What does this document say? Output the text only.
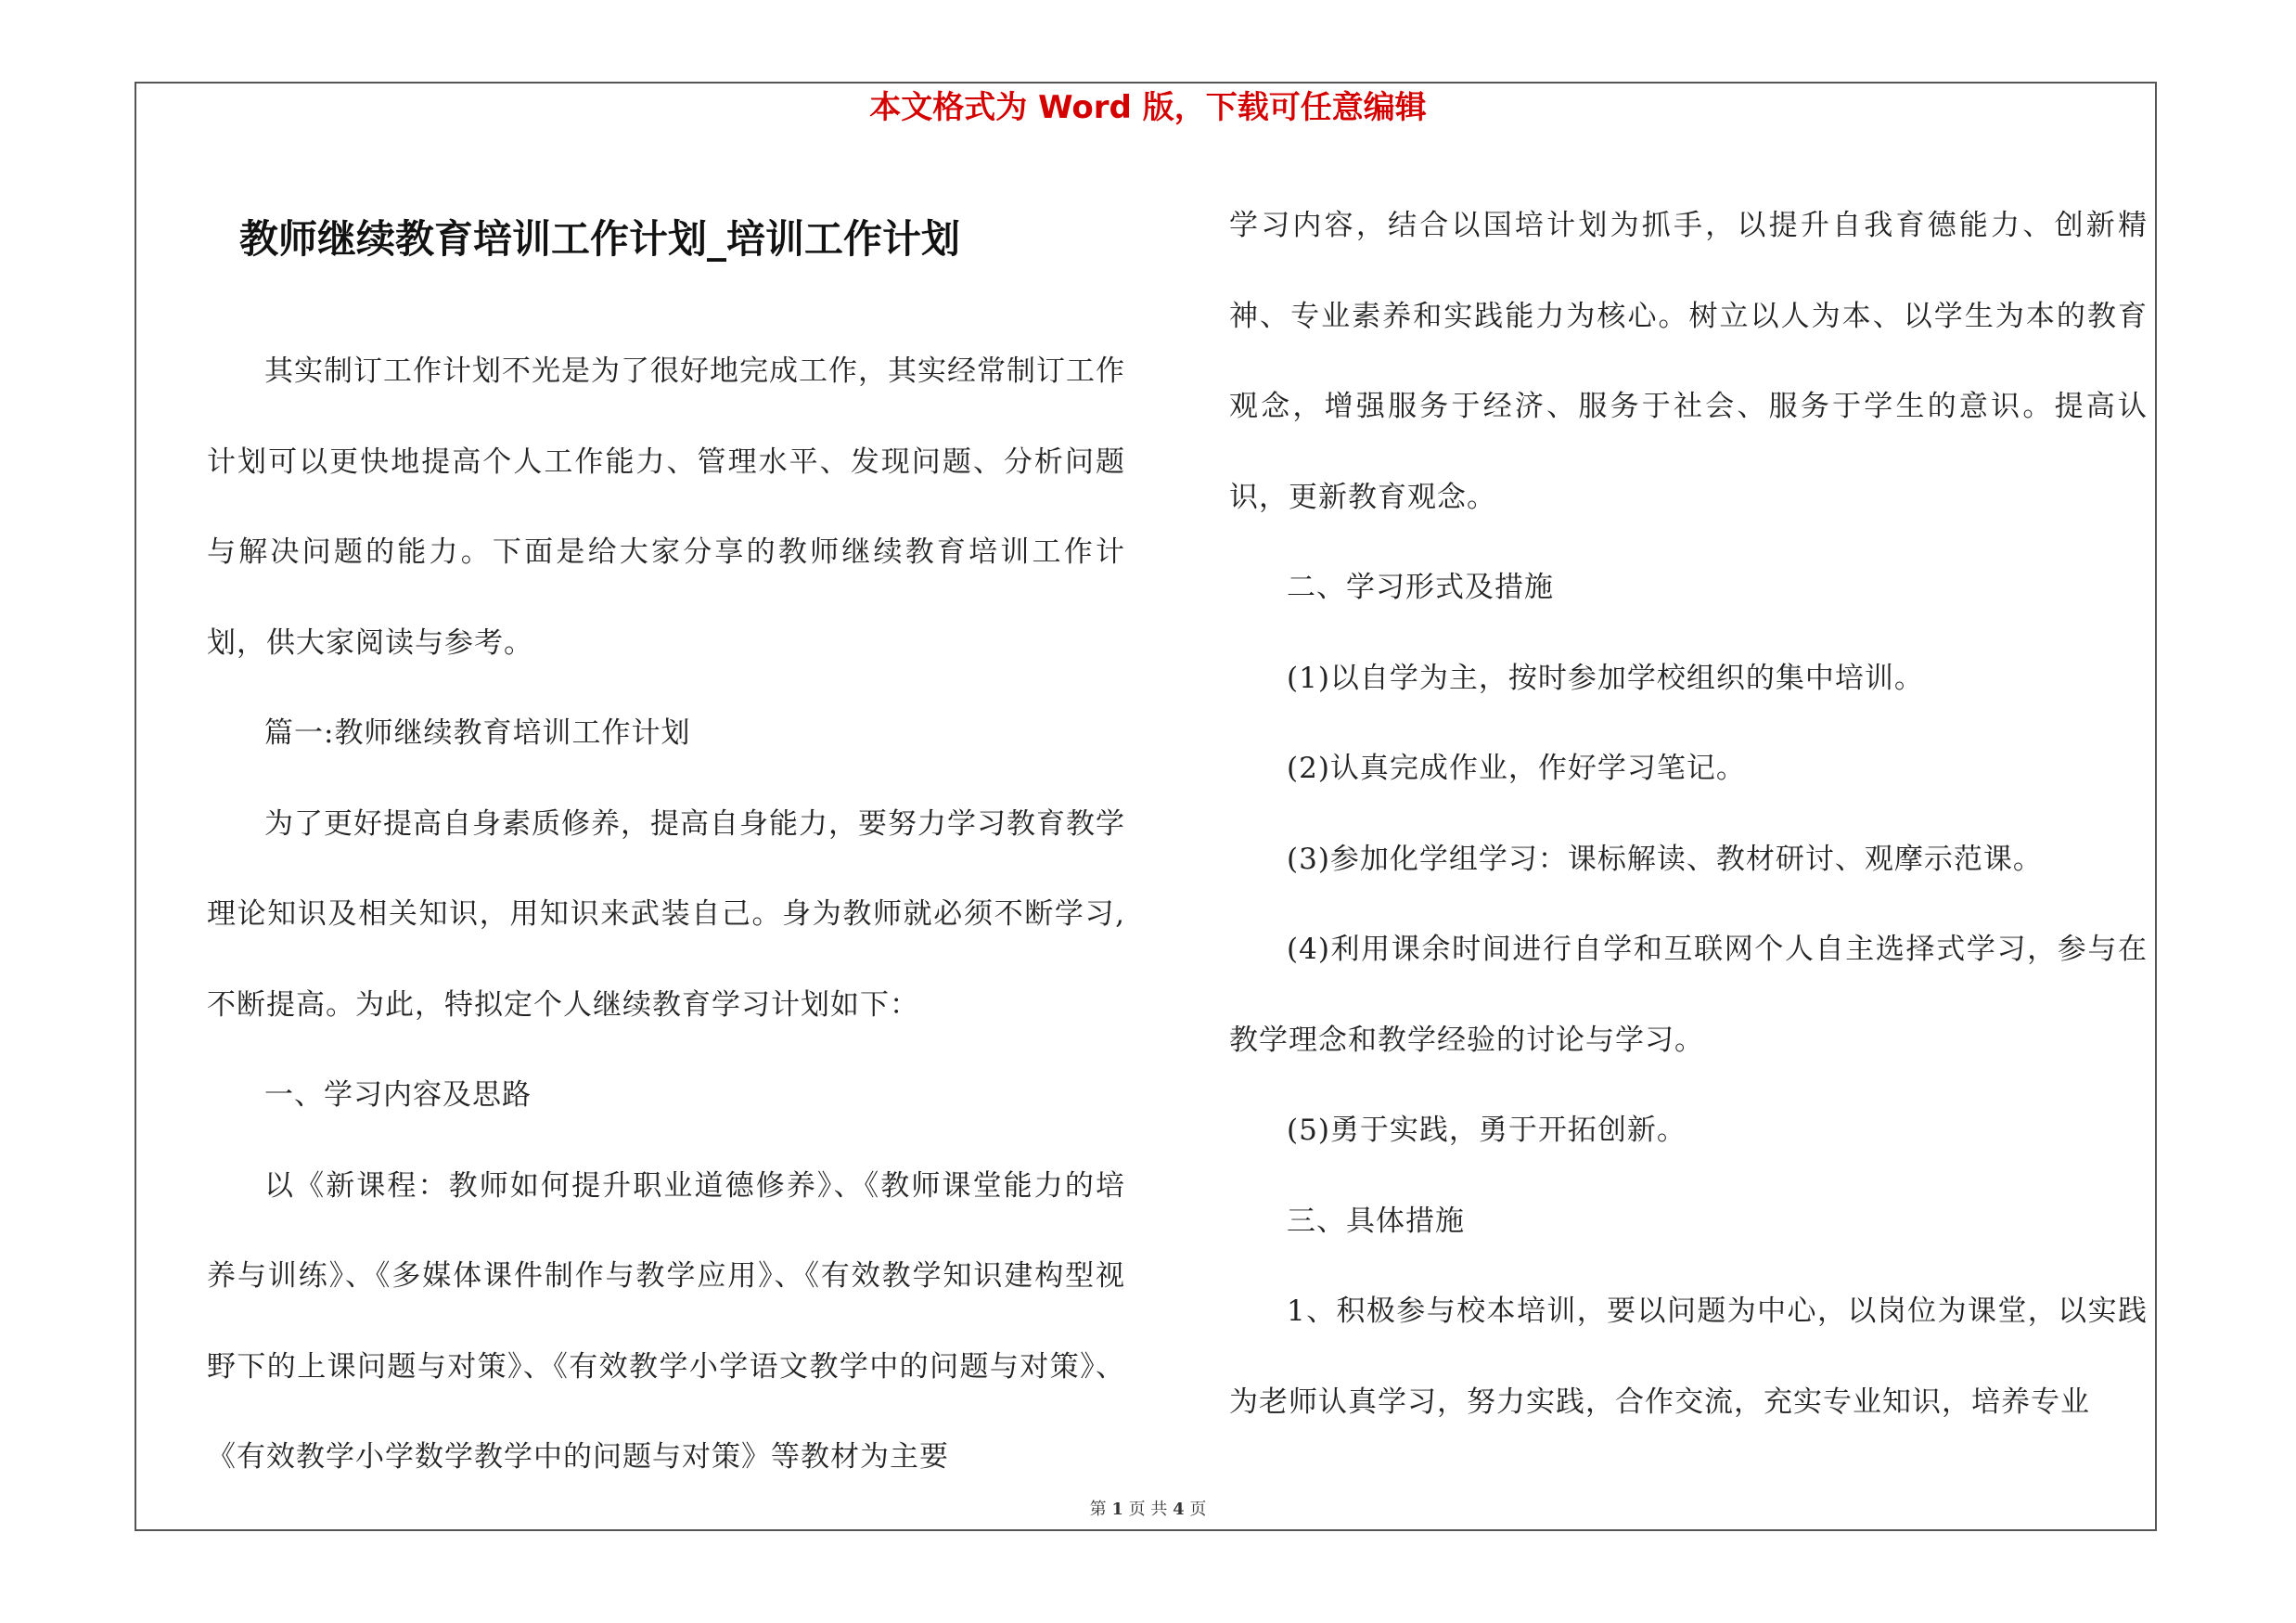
本文格式为 Word 版，下载可任意编辑
教师继续教育培训工作计划_培训工作计划

其实制订工作计划不光是为了很好地完成工作，其实经常制订工作计划可以更快地提高个人工作能力、管理水平、发现问题、分析问题与解决问题的能力。下面是给大家分享的教师继续教育培训工作计划，供大家阅读与参考。

篇一:教师继续教育培训工作计划

为了更好提高自身素质修养，提高自身能力，要努力学习教育教学理论知识及相关知识，用知识来武装自己。身为教师就必须不断学习,不断提高。为此，特拟定个人继续教育学习计划如下：

一、学习内容及思路

以《新课程：教师如何提升职业道德修养》、《教师课堂能力的培养与训练》、《多媒体课件制作与教学应用》、《有效教学知识建构型视野下的上课问题与对策》、《有效教学小学语文教学中的问题与对策》、《有效教学小学数学教学中的问题与对策》等教材为主要

学习内容，结合以国培计划为抓手，以提升自我育德能力、创新精神、专业素养和实践能力为核心。树立以人为本、以学生为本的教育观念，增强服务于经济、服务于社会、服务于学生的意识。提高认识，更新教育观念。

二、学习形式及措施

(1)以自学为主，按时参加学校组织的集中培训。

(2)认真完成作业，作好学习笔记。

(3)参加化学组学习：课标解读、教材研讨、观摩示范课。

(4)利用课余时间进行自学和互联网个人自主选择式学习，参与在教学理念和教学经验的讨论与学习。

(5)勇于实践，勇于开拓创新。

三、具体措施

1、积极参与校本培训，要以问题为中心，以岗位为课堂，以实践为老师认真学习，努力实践，合作交流，充实专业知识，培养专业

第 1 页 共 4 页
